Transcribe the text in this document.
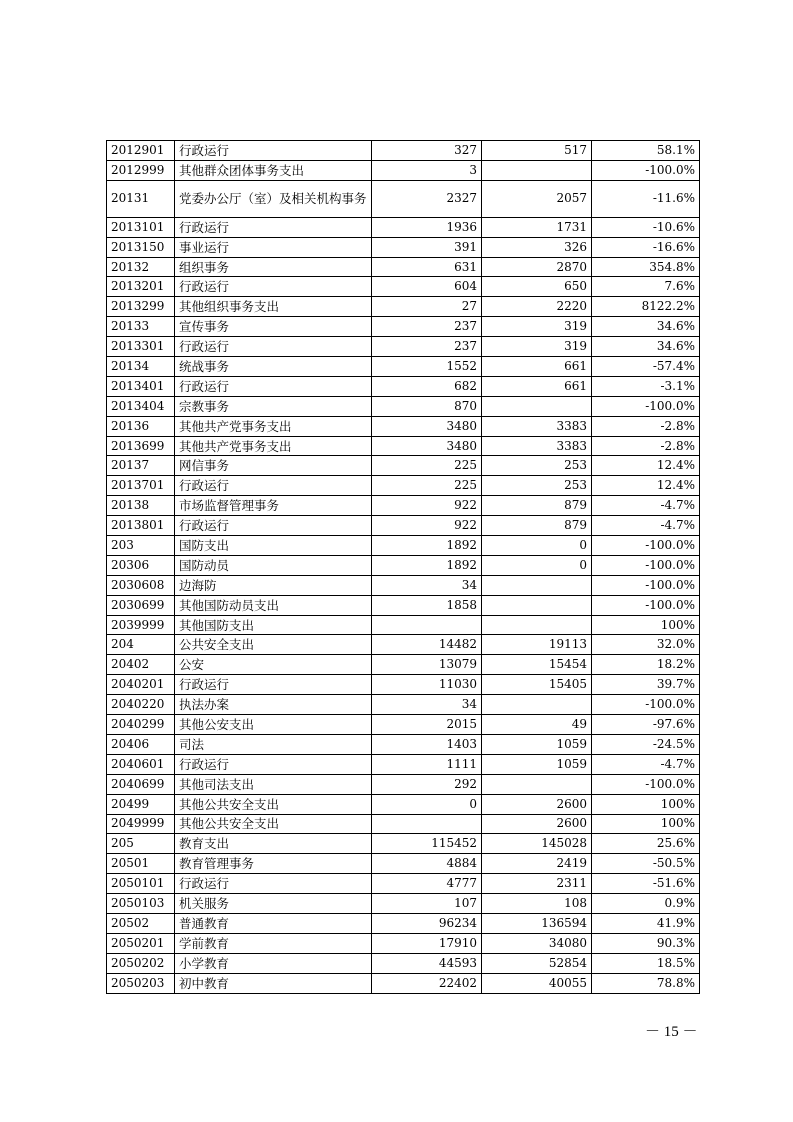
2012901	行政运行	327	517	58.1%
2012999	其他群众团体事务支出	3		-100.0%
20131	党委办公厅（室）及相关机构事务	2327	2057	-11.6%
2013101	行政运行	1936	1731	-10.6%
2013150	事业运行	391	326	-16.6%
20132	组织事务	631	2870	354.8%
2013201	行政运行	604	650	7.6%
2013299	其他组织事务支出	27	2220	8122.2%
20133	宣传事务	237	319	34.6%
2013301	行政运行	237	319	34.6%
20134	统战事务	1552	661	-57.4%
2013401	行政运行	682	661	-3.1%
2013404	宗教事务	870		-100.0%
20136	其他共产党事务支出	3480	3383	-2.8%
2013699	其他共产党事务支出	3480	3383	-2.8%
20137	网信事务	225	253	12.4%
2013701	行政运行	225	253	12.4%
20138	市场监督管理事务	922	879	-4.7%
2013801	行政运行	922	879	-4.7%
203	国防支出	1892	0	-100.0%
20306	国防动员	1892	0	-100.0%
2030608	边海防	34		-100.0%
2030699	其他国防动员支出	1858		-100.0%
2039999	其他国防支出			100%
204	公共安全支出	14482	19113	32.0%
20402	公安	13079	15454	18.2%
2040201	行政运行	11030	15405	39.7%
2040220	执法办案	34		-100.0%
2040299	其他公安支出	2015	49	-97.6%
20406	司法	1403	1059	-24.5%
2040601	行政运行	1111	1059	-4.7%
2040699	其他司法支出	292		-100.0%
20499	其他公共安全支出	0	2600	100%
2049999	其他公共安全支出		2600	100%
205	教育支出	115452	145028	25.6%
20501	教育管理事务	4884	2419	-50.5%
2050101	行政运行	4777	2311	-51.6%
2050103	机关服务	107	108	0.9%
20502	普通教育	96234	136594	41.9%
2050201	学前教育	17910	34080	90.3%
2050202	小学教育	44593	52854	18.5%
2050203	初中教育	22402	40055	78.8%
－ 15 －
